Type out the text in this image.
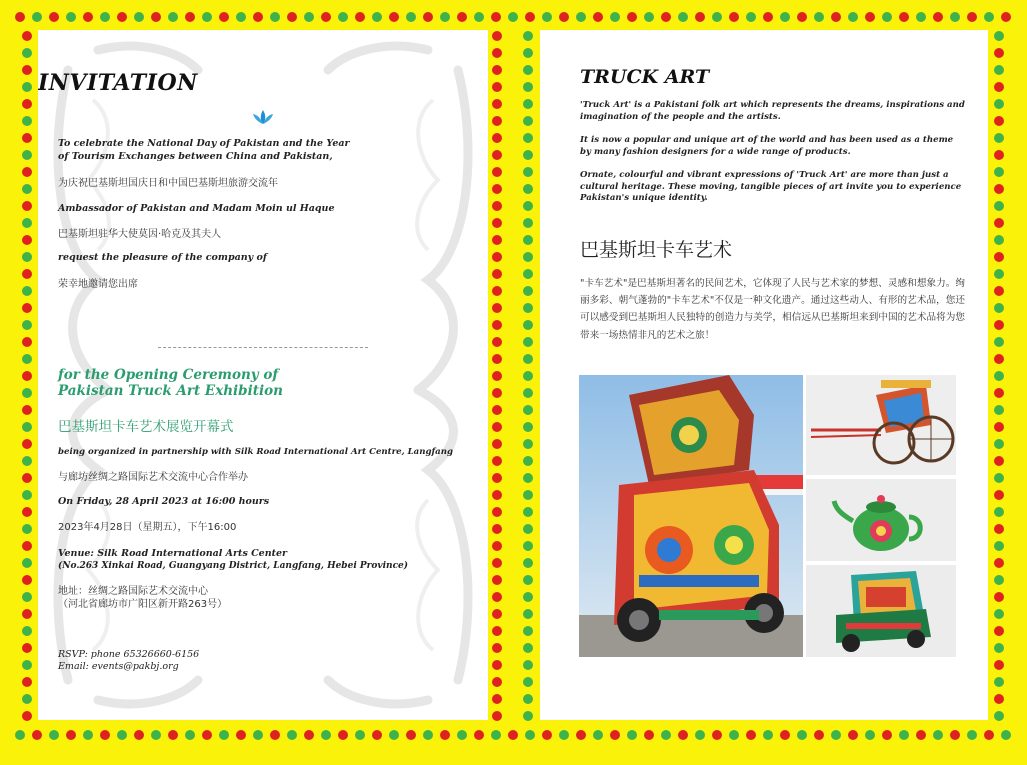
INVITATION
To celebrate the National Day of Pakistan and the Year
of Tourism Exchanges between China and Pakistan,
为庆祝巴基斯坦国庆日和中国巴基斯坦旅游交流年
Ambassador of Pakistan and Madam Moin ul Haque
巴基斯坦驻华大使莫因·哈克及其夫人
request the pleasure of the company of
荣幸地邀请您出席
for the Opening Ceremony of
Pakistan Truck Art Exhibition
巴基斯坦卡车艺术展览开幕式
being organized in partnership with Silk Road International Art Centre, Langfang
与廊坊丝绸之路国际艺术交流中心合作举办
On Friday, 28 April 2023 at 16:00 hours
2023年4月28日（星期五），下午16:00
Venue: Silk Road International Arts Center
(No.263 Xinkai Road, Guangyang District, Langfang, Hebei Province)
地址：丝绸之路国际艺术交流中心
（河北省廊坊市广阳区新开路263号）
RSVP: phone 65326660-6156
Email: events@pakbj.org
TRUCK ART
'Truck Art' is a Pakistani folk art which represents the dreams, inspirations and imagination of the people and the artists.
It is now a popular and unique art of the world and has been used as a theme by many fashion designers for a wide range of products.
Ornate, colourful and vibrant expressions of 'Truck Art' are more than just a cultural heritage. These moving, tangible pieces of art invite you to experience Pakistan's unique identity.
巴基斯坦卡车艺术
"卡车艺术"是巴基斯坦著名的民间艺术，它体现了人民与艺术家的梦想、灵感和想象力。绚丽多彩、朝气蓬勃的"卡车艺术"不仅是一种文化遗产。通过这些动人、有形的艺术品，您还可以感受到巴基斯坦人民独特的创造力与美学，相信远从巴基斯坦来到中国的艺术品将为您带来一场热情非凡的艺术之旅！
